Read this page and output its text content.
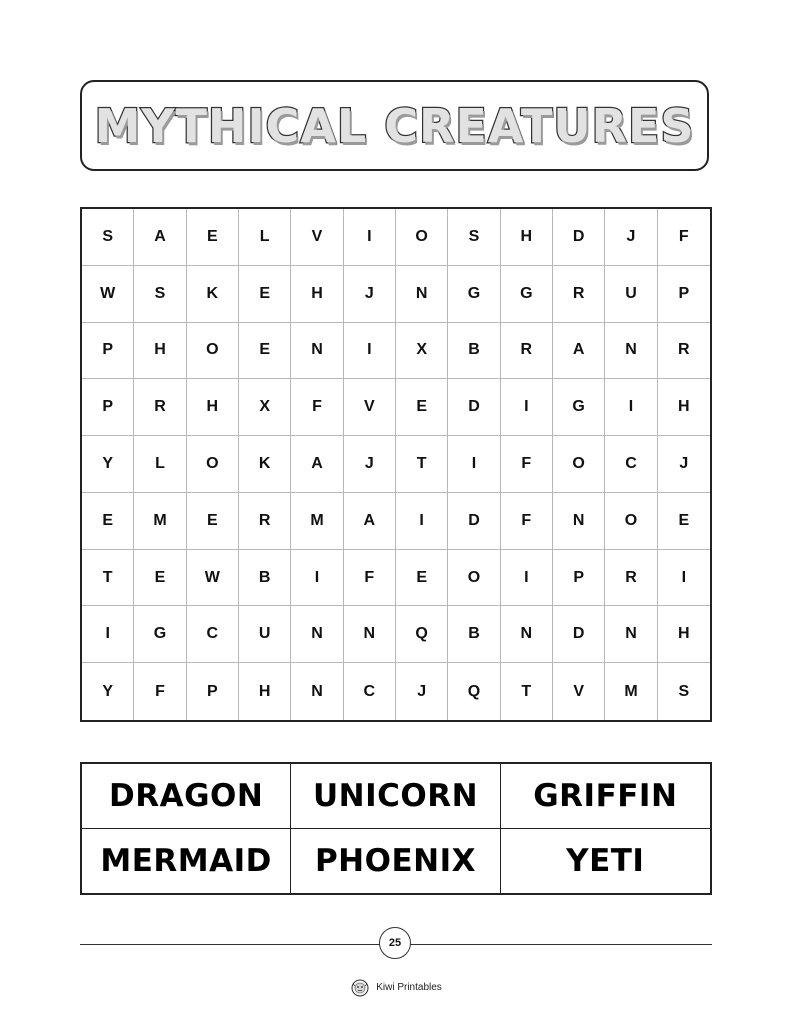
MYTHICAL CREATURES
S	A	E	L	V	I	O	S	H	D	J	F
W	S	K	E	H	J	N	G	G	R	U	P
P	H	O	E	N	I	X	B	R	A	N	R
P	R	H	X	F	V	E	D	I	G	I	H
Y	L	O	K	A	J	T	I	F	O	C	J
E	M	E	R	M	A	I	D	F	N	O	E
T	E	W	B	I	F	E	O	I	P	R	I
I	G	C	U	N	N	Q	B	N	D	N	H
Y	F	P	H	N	C	J	Q	T	V	M	S
DRAGON	UNICORN	GRIFFIN
MERMAID	PHOENIX	YETI
25
Kiwi Printables
